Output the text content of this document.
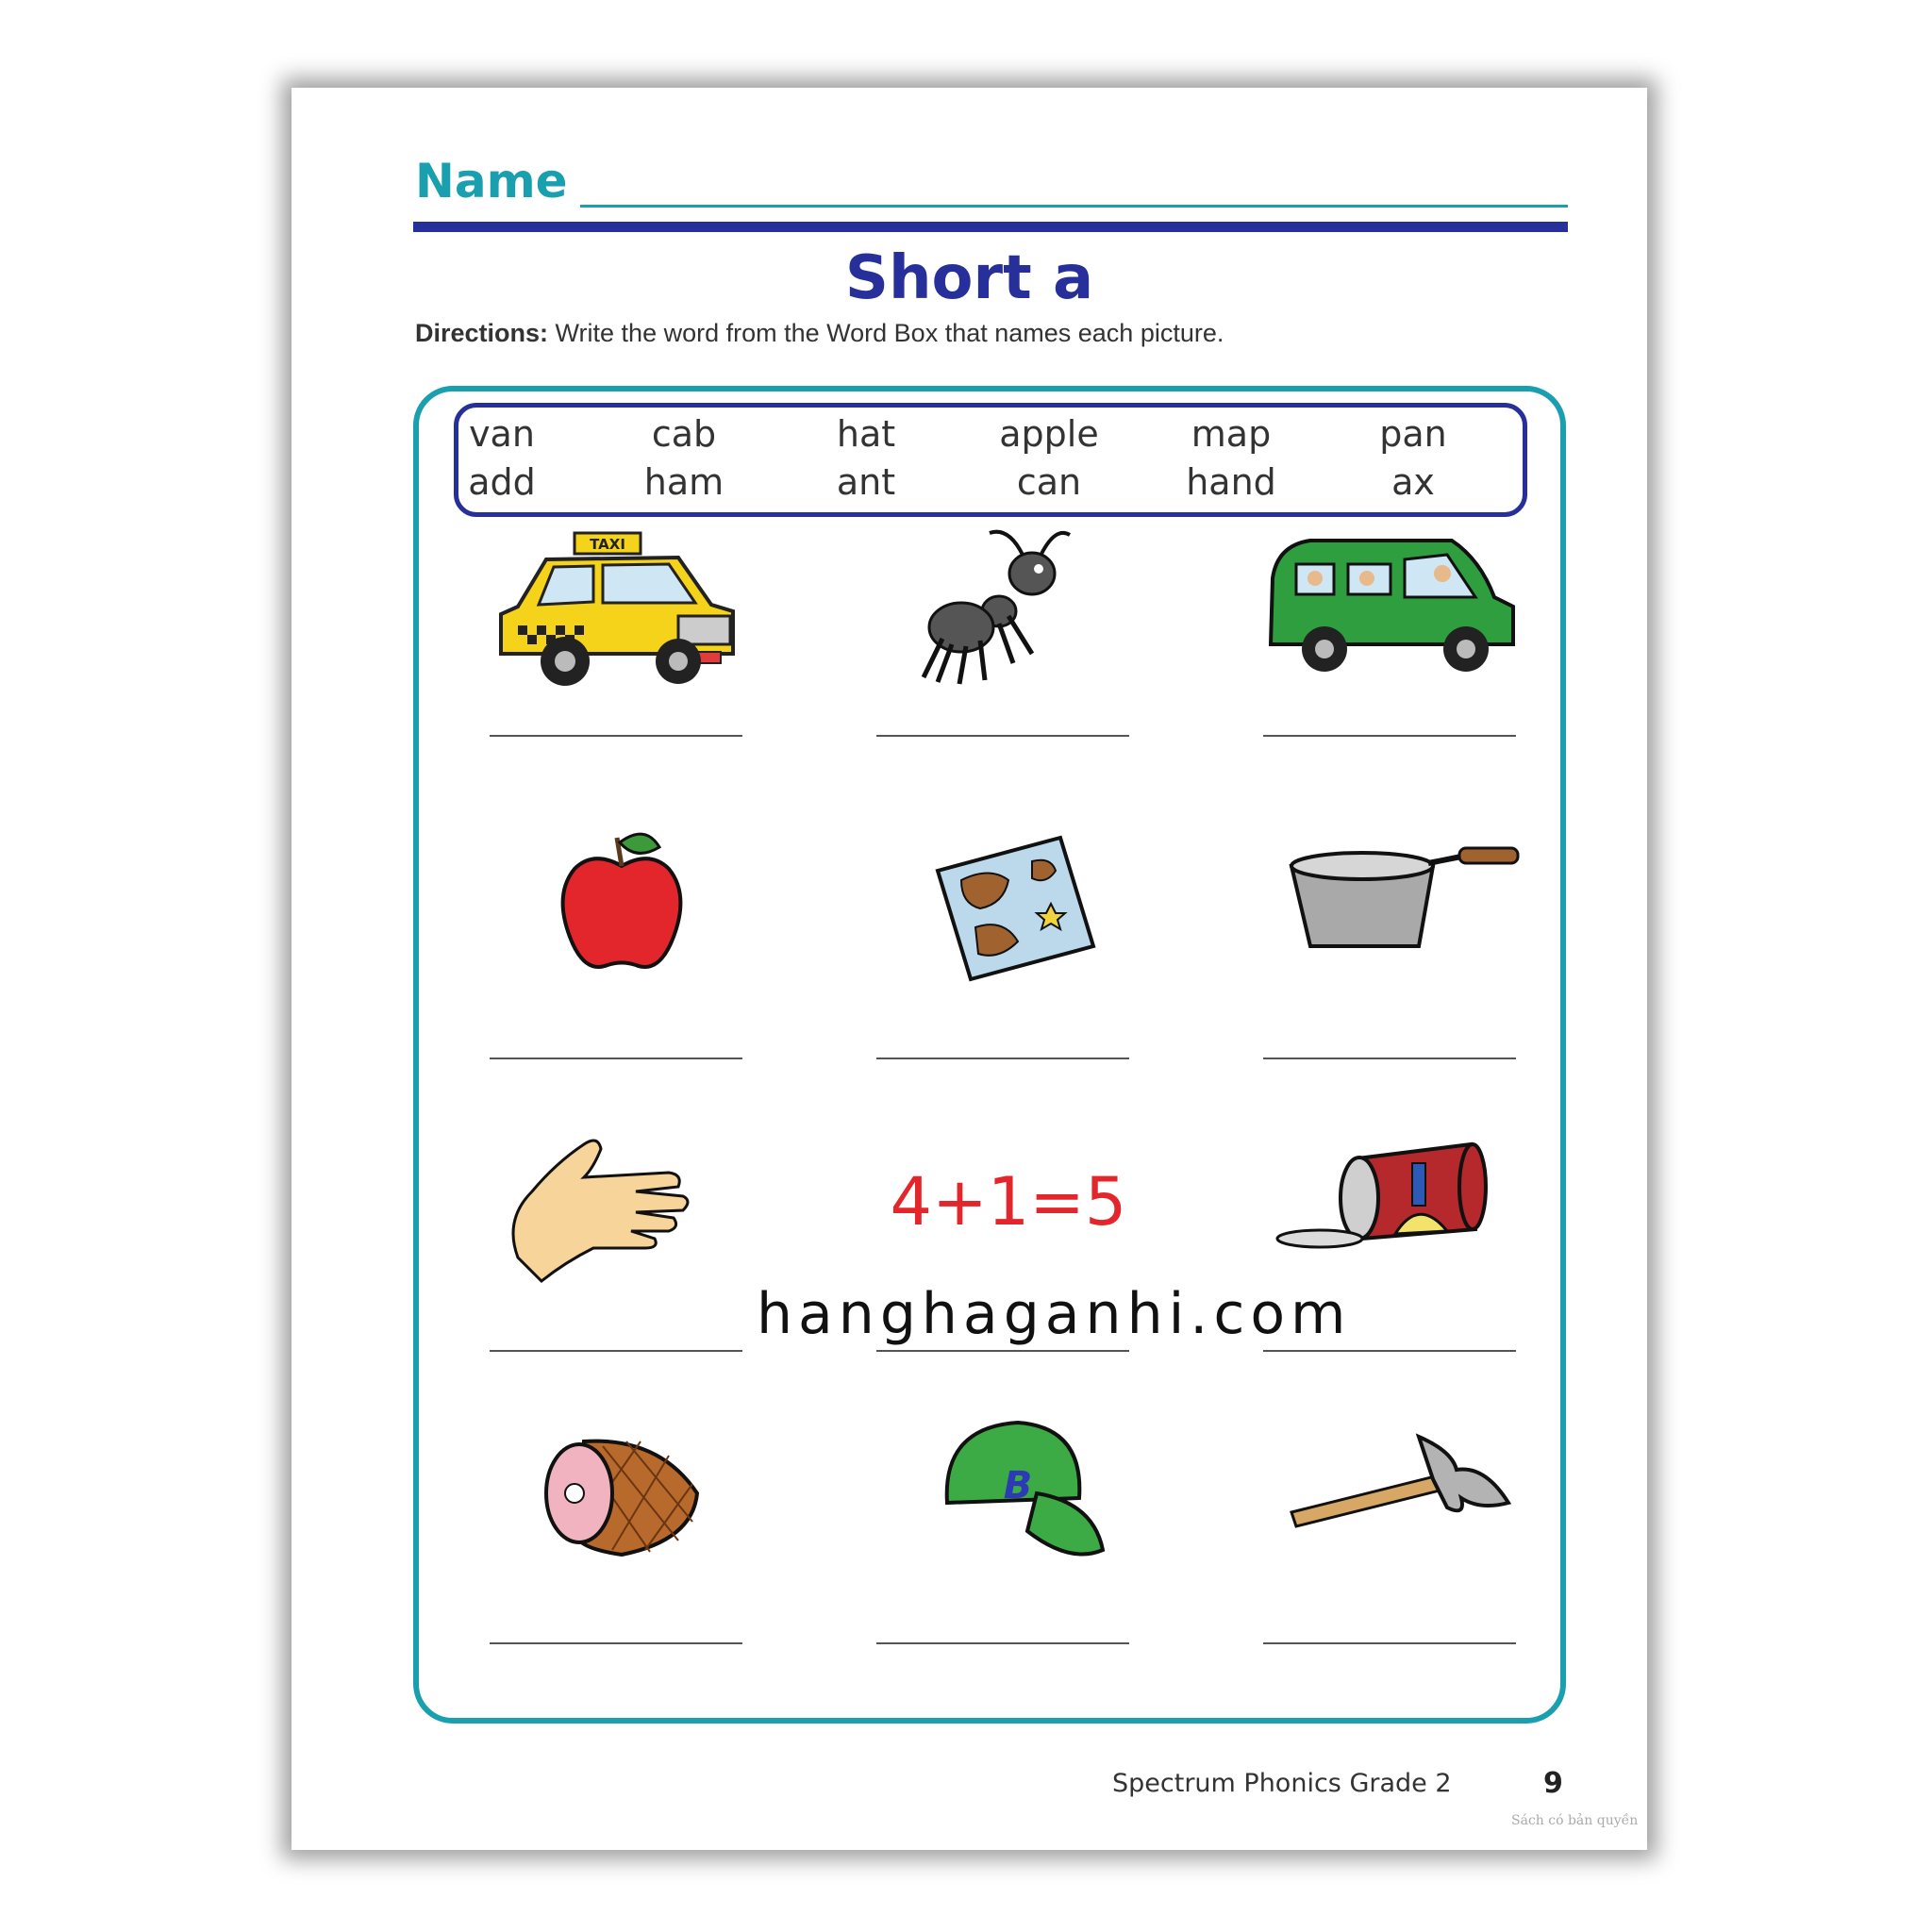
Name
Short a
Directions: Write the word from the Word Box that names each picture.
van	cab	hat	apple	map	pan
add	ham	ant	can	hand	ax
TAXI
4+1=5
B
Spectrum Phonics Grade 2	9
Sách có bản quyền
hanghaganhi.com
